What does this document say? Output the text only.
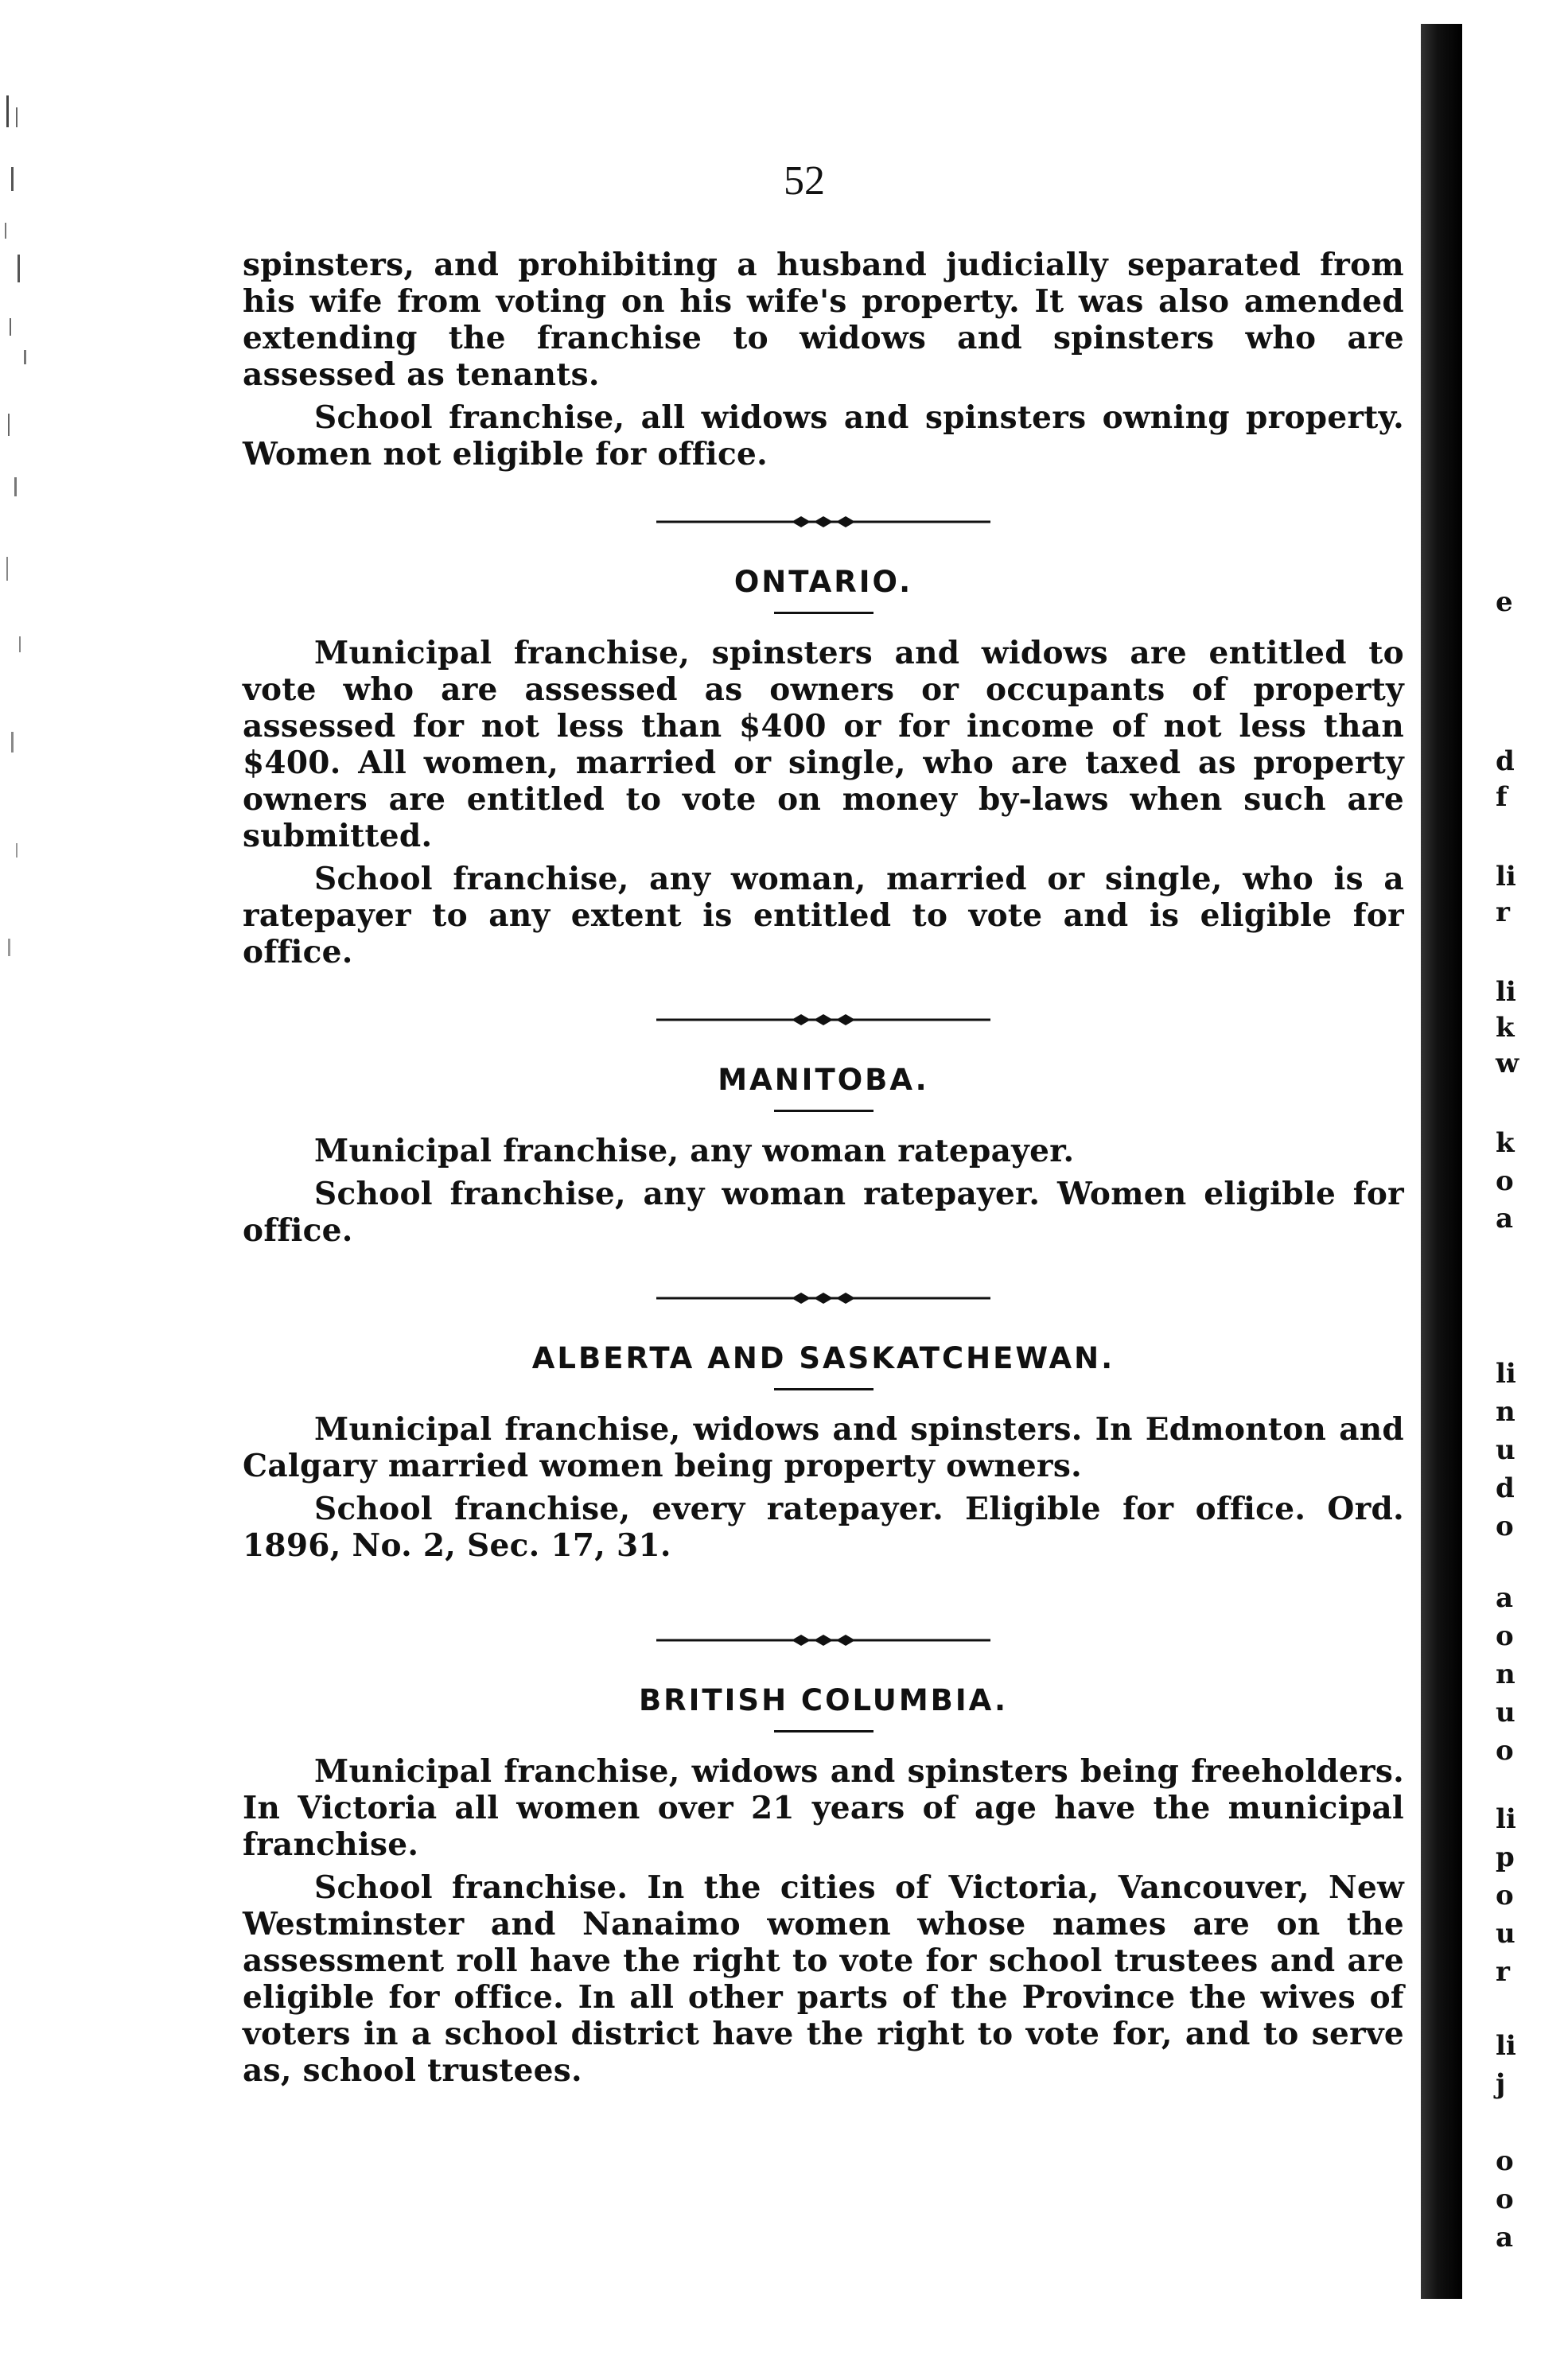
52

spinsters, and prohibiting a husband judicially separated from his wife from voting on his wife's property. It was also amended extending the franchise to widows and spinsters who are assessed as tenants.

School franchise, all widows and spinsters owning property. Women not eligible for office.

ONTARIO.

Municipal franchise, spinsters and widows are entitled to vote who are assessed as owners or occupants of property assessed for not less than $400 or for income of not less than $400. All women, married or single, who are taxed as property owners are entitled to vote on money by-laws when such are submitted.

School franchise, any woman, married or single, who is a ratepayer to any extent is entitled to vote and is eligible for office.

MANITOBA.

Municipal franchise, any woman ratepayer.

School franchise, any woman ratepayer. Women eligible for office.

ALBERTA AND SASKATCHEWAN.

Municipal franchise, widows and spinsters. In Edmonton and Calgary married women being property owners.

School franchise, every ratepayer. Eligible for office. Ord. 1896, No. 2, Sec. 17, 31.

BRITISH COLUMBIA.

Municipal franchise, widows and spinsters being freeholders. In Victoria all women over 21 years of age have the municipal franchise.

School franchise. In the cities of Victoria, Vancouver, New Westminster and Nanaimo women whose names are on the assessment roll have the right to vote for school trustees and are eligible for office. In all other parts of the Province the wives of voters in a school district have the right to vote for, and to serve as, school trustees.

e
d
f
li
r
li
k
w
k
o
a
li
n
u
d
o
a
o
n
u
o
li
p
o
u
r
li
j
o
o
a
